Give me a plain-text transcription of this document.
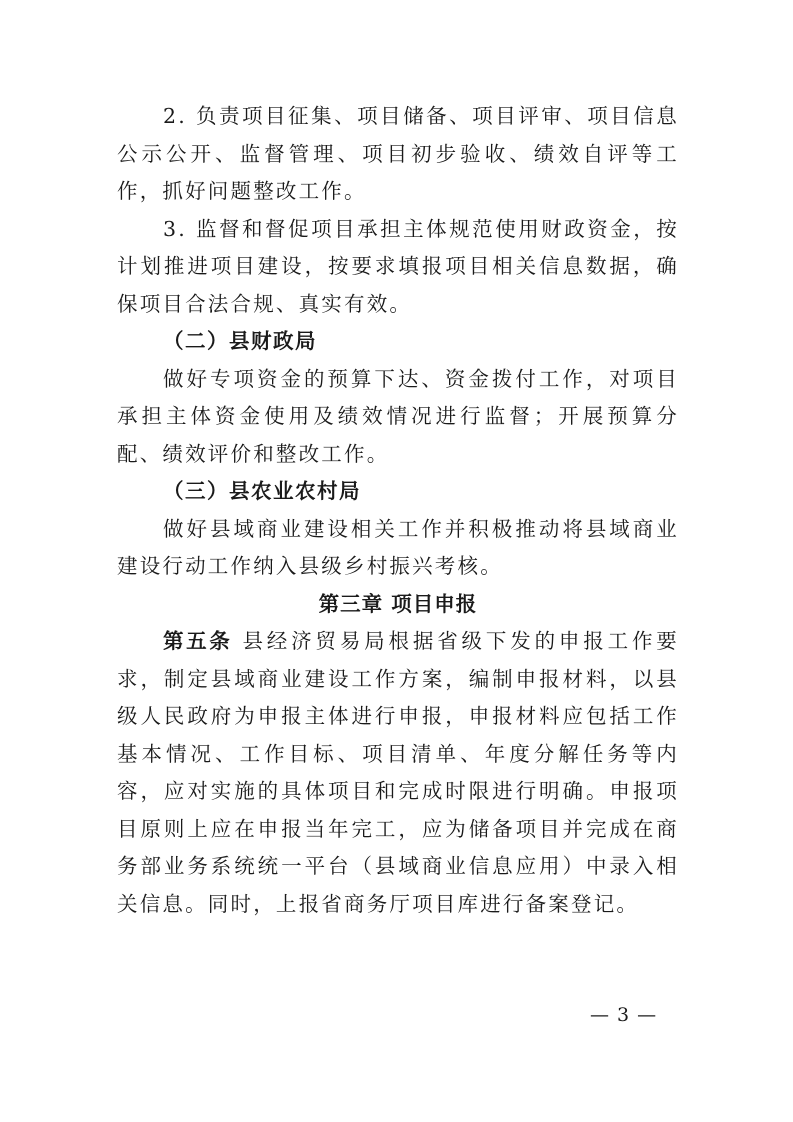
2. 负责项目征集、项目储备、项目评审、项目信息公示公开、监督管理、项目初步验收、绩效自评等工作，抓好问题整改工作。

3. 监督和督促项目承担主体规范使用财政资金，按计划推进项目建设，按要求填报项目相关信息数据，确保项目合法合规、真实有效。

（二）县财政局

做好专项资金的预算下达、资金拨付工作，对项目承担主体资金使用及绩效情况进行监督；开展预算分配、绩效评价和整改工作。

（三）县农业农村局

做好县域商业建设相关工作并积极推动将县域商业建设行动工作纳入县级乡村振兴考核。

第三章 项目申报

第五条 县经济贸易局根据省级下发的申报工作要求，制定县域商业建设工作方案，编制申报材料，以县级人民政府为申报主体进行申报，申报材料应包括工作基本情况、工作目标、项目清单、年度分解任务等内容，应对实施的具体项目和完成时限进行明确。申报项目原则上应在申报当年完工，应为储备项目并完成在商务部业务系统统一平台（县域商业信息应用）中录入相关信息。同时，上报省商务厅项目库进行备案登记。

— 3 —
